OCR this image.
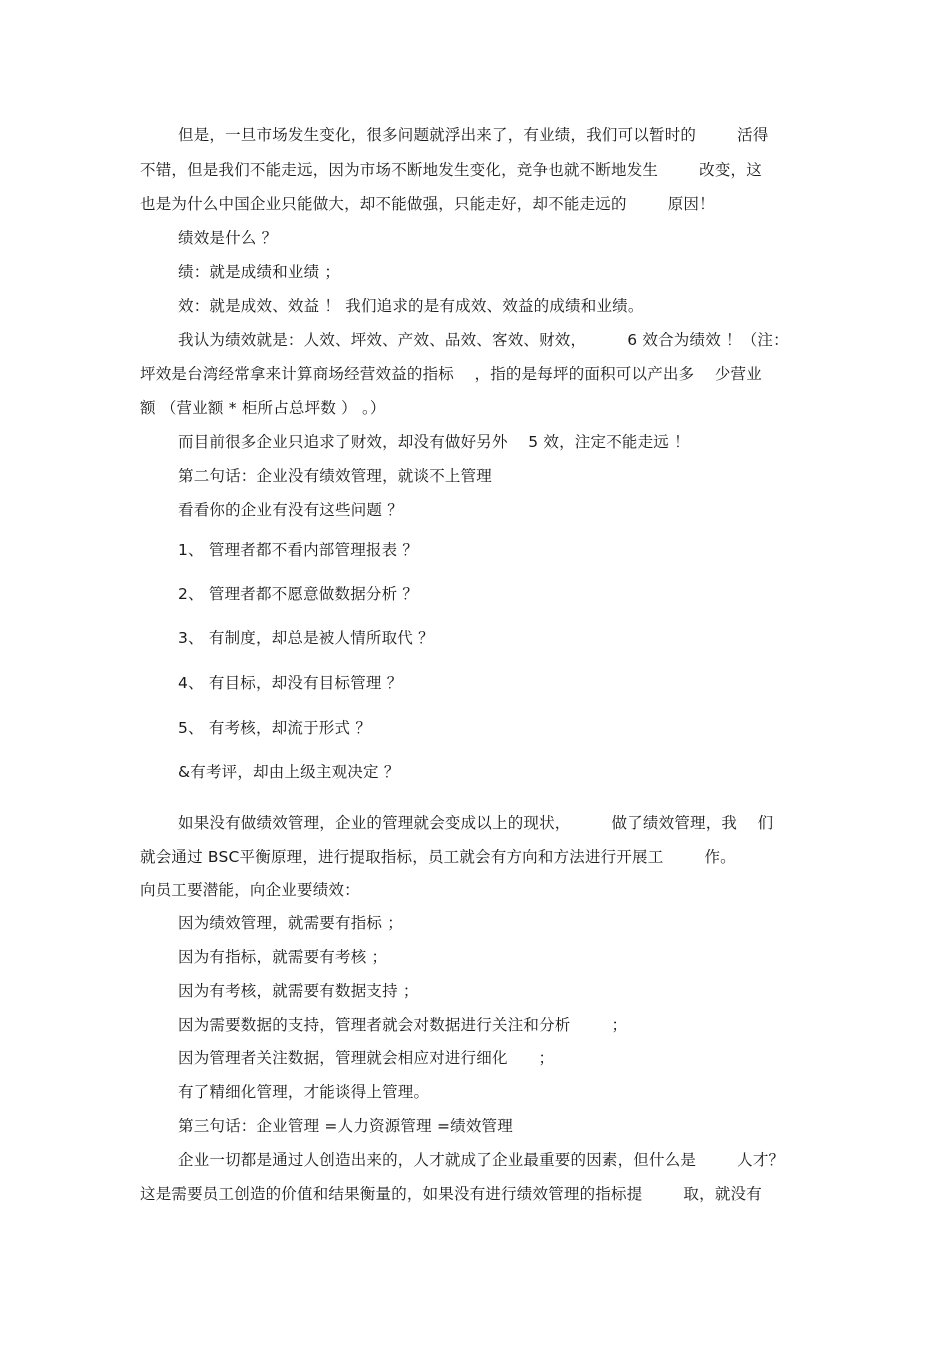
但是，一旦市场发生变化，很多问题就浮出来了，有业绩，我们可以暂时的        活得
不错，但是我们不能走远，因为市场不断地发生变化，竞争也就不断地发生        改变，这
也是为什么中国企业只能做大，却不能做强，只能走好，却不能走远的        原因！
绩效是什么 ？
绩：就是成绩和业绩 ；
效：就是成效、效益 ！ 我们追求的是有成效、效益的成绩和业绩。
我认为绩效就是：人效、坪效、产效、品效、客效、财效，        6 效合为绩效 ！（注：
坪效是台湾经常拿来计算商场经营效益的指标    ，指的是每坪的面积可以产出多    少营业
额 （营业额 * 柜所占总坪数 ） 。）
而目前很多企业只追求了财效，却没有做好另外    5 效，注定不能走远 ！
第二句话：企业没有绩效管理，就谈不上管理
看看你的企业有没有这些问题 ？
1、 管理者都不看内部管理报表 ？
2、 管理者都不愿意做数据分析 ？
3、 有制度，却总是被人情所取代 ？
4、 有目标，却没有目标管理 ？
5、 有考核，却流于形式 ？
&有考评，却由上级主观决定 ？
如果没有做绩效管理，企业的管理就会变成以上的现状，        做了绩效管理，我    们
就会通过 BSC平衡原理，进行提取指标，员工就会有方向和方法进行开展工        作。
向员工要潜能，向企业要绩效：
因为绩效管理，就需要有指标 ；
因为有指标，就需要有考核 ；
因为有考核，就需要有数据支持 ；
因为需要数据的支持，管理者就会对数据进行关注和分析        ；
因为管理者关注数据，管理就会相应对进行细化      ；
有了精细化管理，才能谈得上管理。
第三句话：企业管理 =人力资源管理 =绩效管理
企业一切都是通过人创造出来的，人才就成了企业最重要的因素，但什么是        人才？
这是需要员工创造的价值和结果衡量的，如果没有进行绩效管理的指标提        取，就没有
